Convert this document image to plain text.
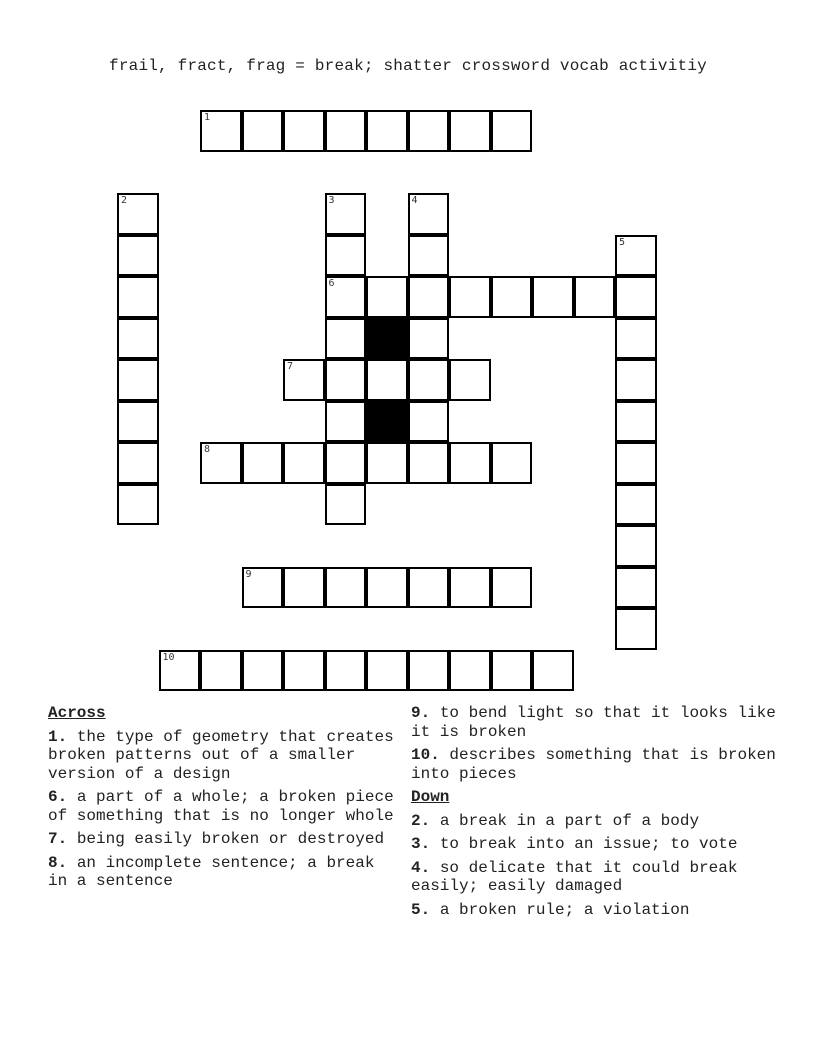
frail, fract, frag = break; shatter crossword vocab activitiy
1
2	3
6
4
5
7
8
9
10
Across
1. the type of geometry that creates broken patterns out of a smaller version of a design
6. a part of a whole; a broken piece of something that is no longer whole
7. being easily broken or destroyed
8. an incomplete sentence; a break in a sentence
9. to bend light so that it looks like it is broken
10. describes something that is broken into pieces
Down
2. a break in a part of a body
3. to break into an issue; to vote
4. so delicate that it could break easily; easily damaged
5. a broken rule; a violation
